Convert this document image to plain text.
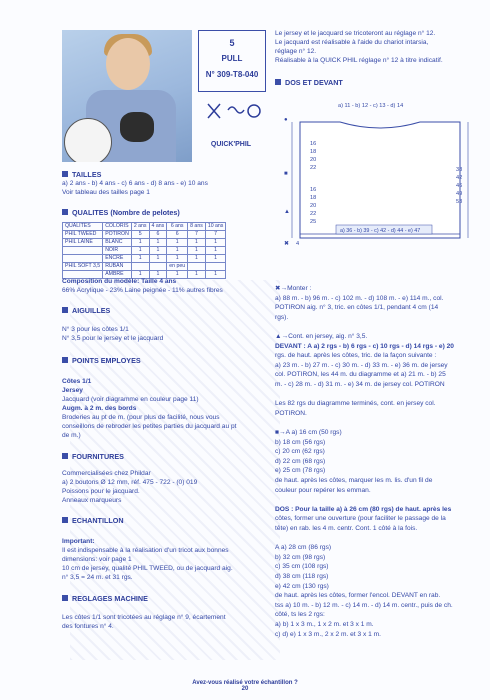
5
PULL
N° 309-T8-040
QUICK'PHIL
Le jersey et le jacquard se tricoteront au réglage n° 12.
Le jacquard est réalisable à l'aide du chariot intarsia,
réglage n° 12.
Réalisable à la QUICK PHIL réglage n° 12 à titre indicatif.
DOS ET DEVANT
a) 11 - b) 12 - c) 13 - d) 14
●
16
18
20
22
16
18
20
22
25
■
▲
✖ 4
38
42
46
49
53
a) 36 - b) 39 - c) 42 - d) 44 - e) 47
TAILLES
a) 2 ans - b) 4 ans - c) 6 ans - d) 8 ans - e) 10 ans
Voir tableau des tailles page 1
QUALITES (Nombre de pelotes)
QUALITES	COLORIS	2 ans	4 ans	6 ans	8 ans	10 ans
PHIL TWEED	POTIRON	5	6	6	7	7
PHIL LAINE	BLANC	1	1	1	1	1
	NOIR	1	1	1	1	1
	ENCRE	1	1	1	1	1
PHIL SOFT 3,5	RUBAN			en peu		
	AMBRE	1	1	1	1	1
Composition du modèle: Taille 4 ans
66% Acrylique - 23% Laine peignée - 11% autres fibres
AIGUILLES
N° 3 pour les côtes 1/1
N° 3,5 pour le jersey et le jacquard
POINTS EMPLOYES
Côtes 1/1
Jersey
Jacquard (voir diagramme en couleur page 11)
Augm. à 2 m. des bords
Broderies au pt de m. (pour plus de facilité, nous vous
conseillons de rebroder les petites parties du jacquard au pt
de m.)
FOURNITURES
Commercialisées chez Phildar
a) 2 boutons Ø 12 mm, réf. 475 - 722 - (0) 019
Poissons pour le jacquard.
Anneaux marqueurs
ECHANTILLON
Important:
Il est indispensable à la réalisation d'un tricot aux bonnes
dimensions: voir page 1
10 cm de jersey, qualité PHIL TWEED, ou de jacquard aig.
n° 3,5 = 24 m. et 31 rgs.
REGLAGES MACHINE
Les côtes 1/1 sont tricotées au réglage n° 9, écartement
des fontures n° 4.
✖→Monter :
a) 88 m. - b) 96 m. - c) 102 m. - d) 108 m. - e) 114 m., col.
POTIRON aig. n° 3, tric. en côtes 1/1, pendant 4 cm (14
rgs).
▲→Cont. en jersey, aig. n° 3,5.
DEVANT : A a) 2 rgs - b) 6 rgs - c) 10 rgs - d) 14 rgs - e) 20
rgs. de haut. après les côtes, tric. de la façon suivante :
a) 23 m. - b) 27 m. - c) 30 m. - d) 33 m. - e) 36 m. de jersey
col. POTIRON, les 44 m. du diagramme et a) 21 m. - b) 25
m. - c) 28 m. - d) 31 m. - e) 34 m. de jersey col. POTIRON
Les 82 rgs du diagramme terminés, cont. en jersey col.
POTIRON.
■→A a) 16 cm (50 rgs)
b) 18 cm (56 rgs)
c) 20 cm (62 rgs)
d) 22 cm (68 rgs)
e) 25 cm (78 rgs)
de haut. après les côtes, marquer les m. lis. d'un fil de
couleur pour repérer les emman.
DOS : Pour la taille a) à 26 cm (80 rgs) de haut. après les
côtes, former une ouverture (pour faciliter le passage de la
tête) en rab. les 4 m. centr. Cont. 1 côté à la fois.
A a) 28 cm (86 rgs)
b) 32 cm (98 rgs)
c) 35 cm (108 rgs)
d) 38 cm (118 rgs)
e) 42 cm (130 rgs)
de haut. après les côtes, former l'encol. DEVANT en rab.
tss a) 10 m. - b) 12 m. - c) 14 m. - d) 14 m. centr., puis de ch.
côté, ts les 2 rgs:
a) b) 1 x 3 m., 1 x 2 m. et 3 x 1 m.
c) d) e) 1 x 3 m., 2 x 2 m. et 3 x 1 m.
Avez-vous réalisé votre échantillon ?
20
